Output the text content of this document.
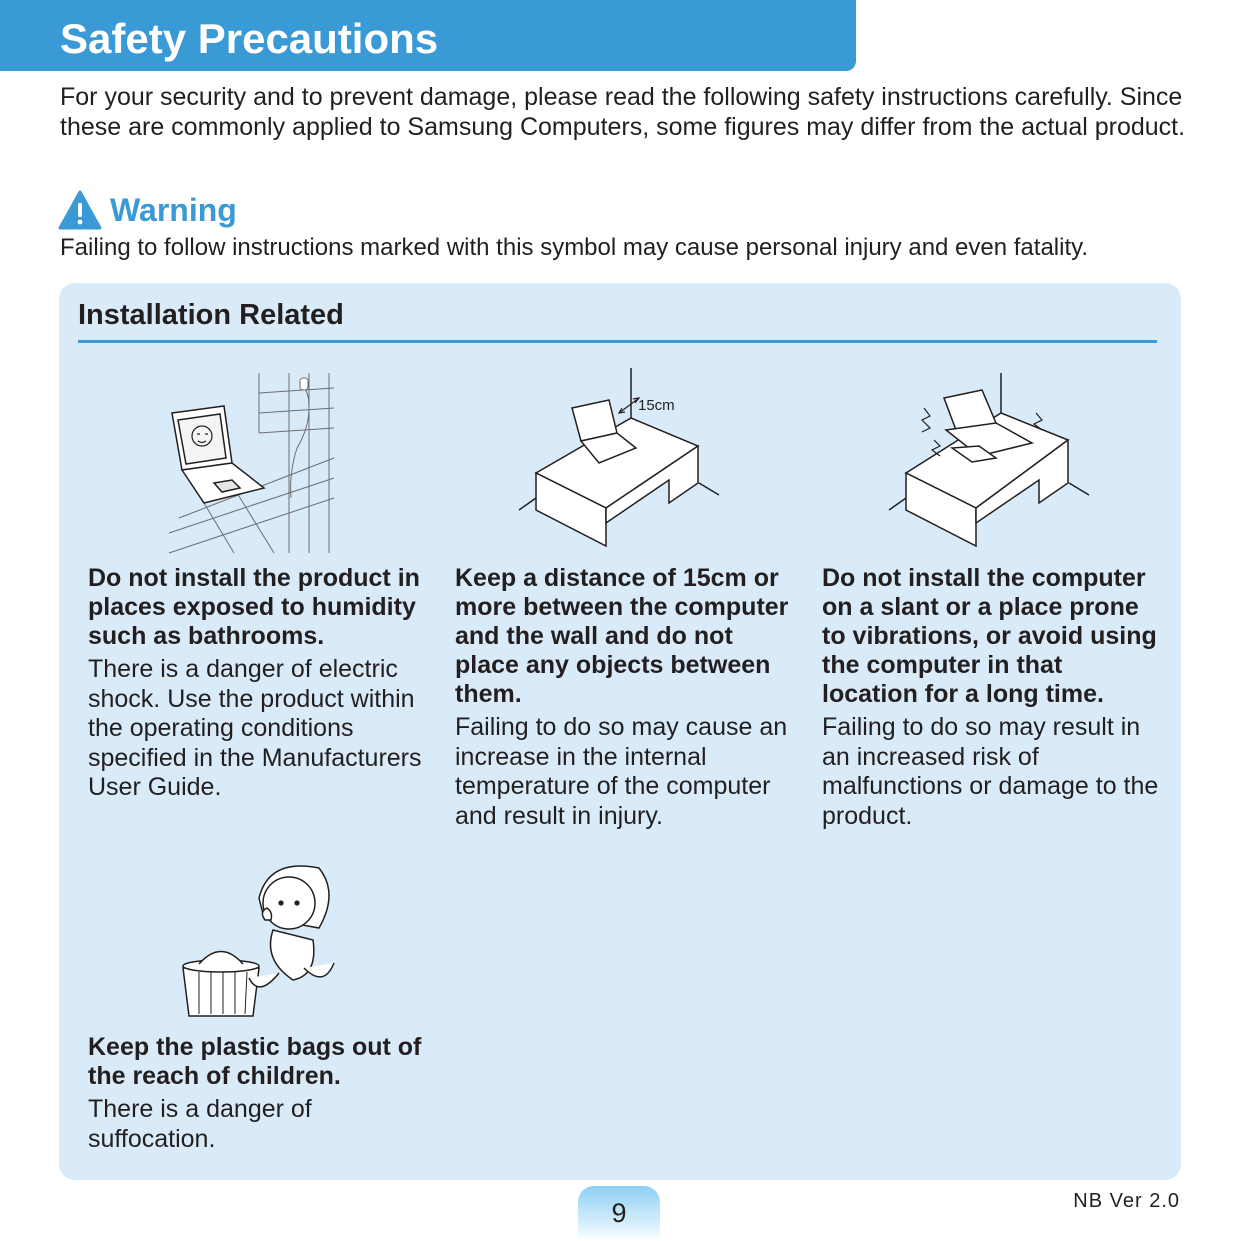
Safety Precautions

For your security and to prevent damage, please read the following safety instructions carefully. Since these are commonly applied to Samsung Computers, some figures may differ from the actual product.

Warning

Failing to follow instructions marked with this symbol may cause personal injury and even fatality.

Installation Related
15cm

Do not install the product in places exposed to humidity such as bathrooms.

There is a danger of electric shock. Use the product within the operating conditions specified in the Manufacturers User Guide.

Keep a distance of 15cm or more between the computer and the wall and do not place any objects between them.

Failing to do so may cause an increase in the internal temperature of the computer and result in injury.

Do not install the computer on a slant or a place prone to vibrations, or avoid using the computer in that location for a long time.

Failing to do so may result in an increased risk of malfunctions or damage to the product.

Keep the plastic bags out of the reach of children.

There is a danger of suffocation.

9	NB Ver 2.0
